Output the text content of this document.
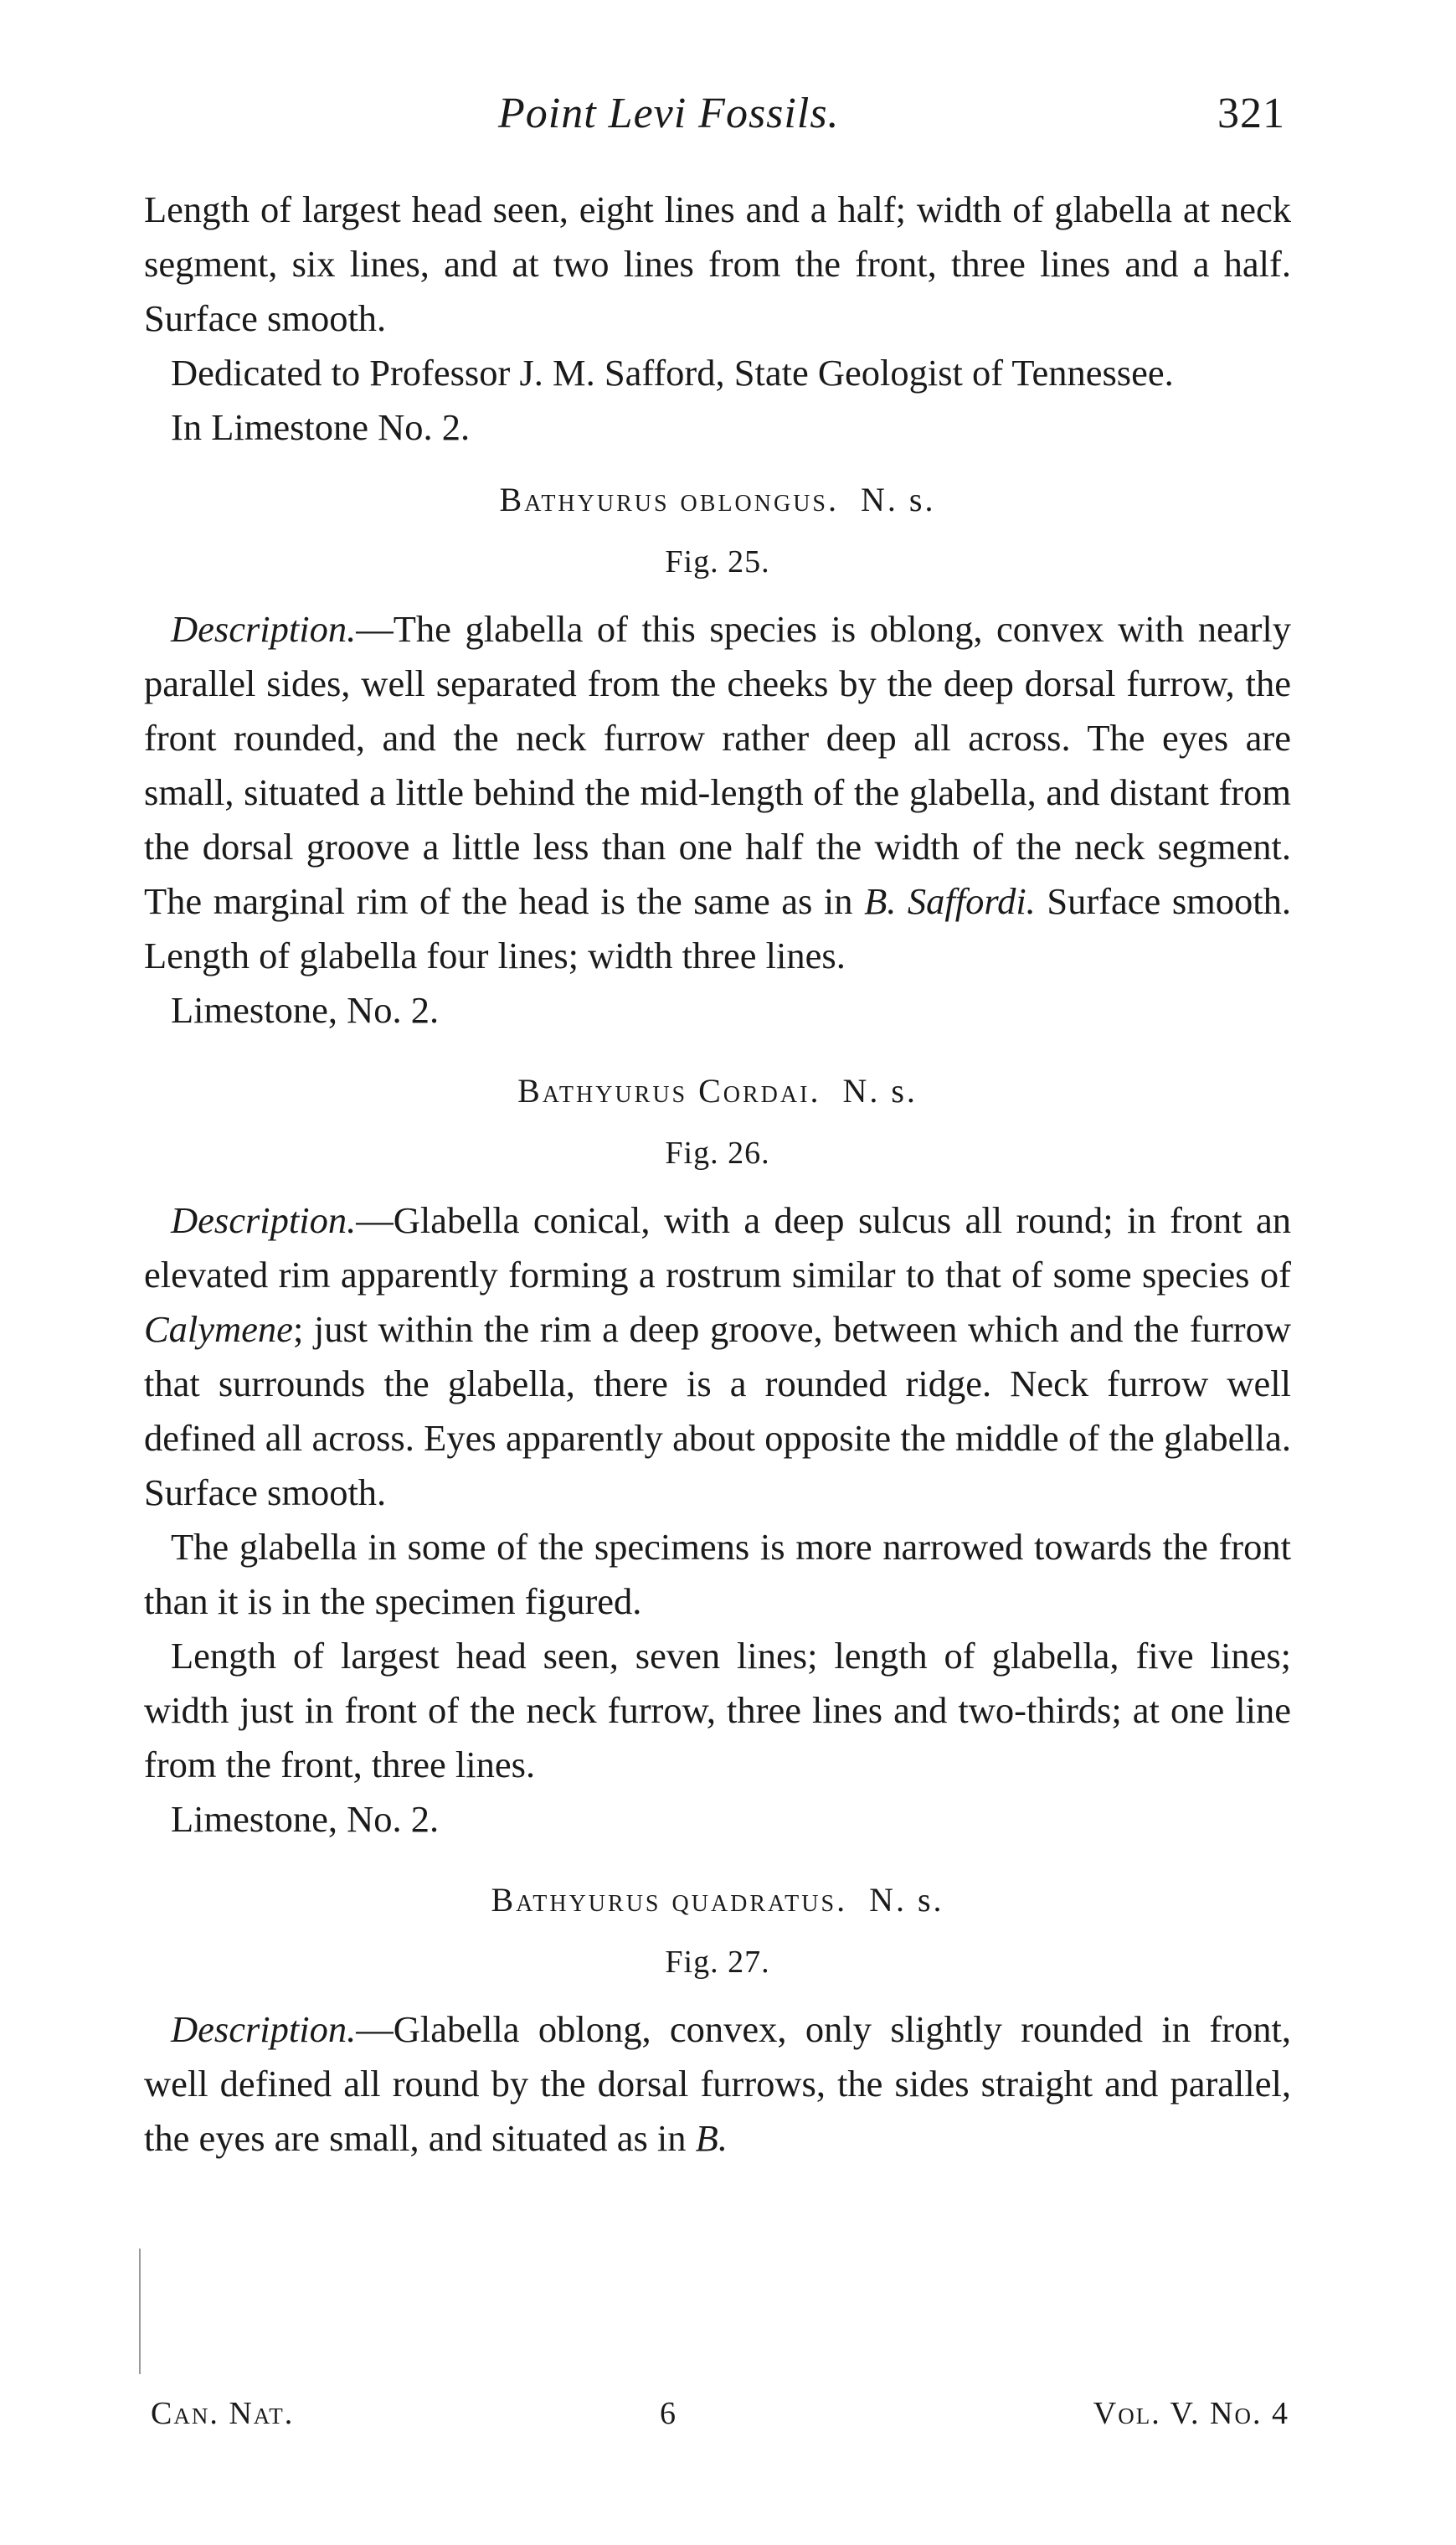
Point Levi Fossils.	321

Length of largest head seen, eight lines and a half; width of glabella at neck segment, six lines, and at two lines from the front, three lines and a half. Surface smooth.

Dedicated to Professor J. M. Safford, State Geologist of Tennessee.

In Limestone No. 2.

Bathyurus oblongus. N. s.
Fig. 25.

Description.—The glabella of this species is oblong, convex with nearly parallel sides, well separated from the cheeks by the deep dorsal furrow, the front rounded, and the neck furrow rather deep all across. The eyes are small, situated a little behind the mid-length of the glabella, and distant from the dorsal groove a little less than one half the width of the neck segment. The marginal rim of the head is the same as in B. Saffordi. Surface smooth. Length of glabella four lines; width three lines.

Limestone, No. 2.

Bathyurus Cordai. N. s.
Fig. 26.

Description.—Glabella conical, with a deep sulcus all round; in front an elevated rim apparently forming a rostrum similar to that of some species of Calymene; just within the rim a deep groove, between which and the furrow that surrounds the glabella, there is a rounded ridge. Neck furrow well defined all across. Eyes apparently about opposite the middle of the glabella. Surface smooth.

The glabella in some of the specimens is more narrowed towards the front than it is in the specimen figured.

Length of largest head seen, seven lines; length of glabella, five lines; width just in front of the neck furrow, three lines and two-thirds; at one line from the front, three lines.

Limestone, No. 2.

Bathyurus quadratus. N. s.
Fig. 27.

Description.—Glabella oblong, convex, only slightly rounded in front, well defined all round by the dorsal furrows, the sides straight and parallel, the eyes are small, and situated as in B.

Can. Nat.	6	Vol. V. No. 4
